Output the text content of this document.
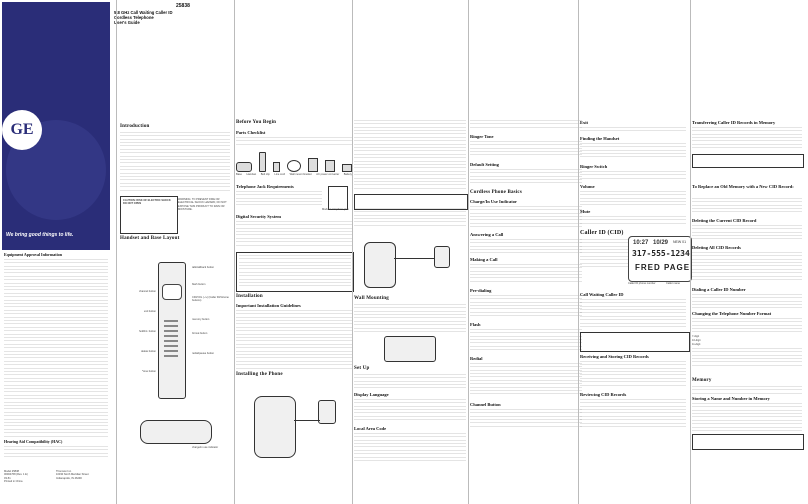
GE
We bring good things to life.
Equipment Approval Information
Hearing Aid Compatibility (HAC)
Model 25838
00004768 (Rev. 1 E)
03-51
Printed in China
Thomson Inc.
10330 North Meridian Street
Indianapolis, IN 46290
25838
5.8 GHz Call Waiting Caller ID
Cordless Telephone
User's Guide
Introduction
CAUTION: RISK OF ELECTRIC SHOCK DO NOT OPEN
WARNING: TO PREVENT FIRE OR ELECTRICAL SHOCK HAZARD, DO NOT EXPOSE THIS PRODUCT TO RAIN OR MOISTURE.
Handset and Base Layout
talk/callback button
flash button
CID/VOL (-/+) (Caller ID/Volume buttons)
memory button
format button
redial/pause button
channel button
exit button
hold/int. button
delete button
*tone button
charge/in use indicator
Before You Begin
Parts Checklist
Base Handset Belt clip Line cord Wall mount bracket AC power converter Battery
Telephone Jack Requirements
Modular telephone jack
Digital Security System
Installation
Important Installation Guidelines
Installing the Phone
Wall Mounting
Set Up
Display Language
Local Area Code
Ringer Tone
Default Setting
Cordless Phone Basics
Charge/In Use Indicator
Answering a Call
Making a Call
Pre-dialing
Flash
Redial
Channel Button
Exit
Finding the Handset
Ringer Switch
Volume
Mute
Caller ID (CID)
10:27 10/29 NEW 01
317-555-1234
FRED PAGE
Caller ID phone number	Caller name
Call Waiting Caller ID
Receiving and Storing CID Records
Reviewing CID Records
Transferring Caller ID Records in Memory
To Replace an Old Memory with a New CID Record:
Deleting the Current CID Record
Deleting All CID Records
Dialing a Caller ID Number
Changing the Telephone Number Format
7-digit
10-digit
11-digit
Memory
Storing a Name and Number in Memory
